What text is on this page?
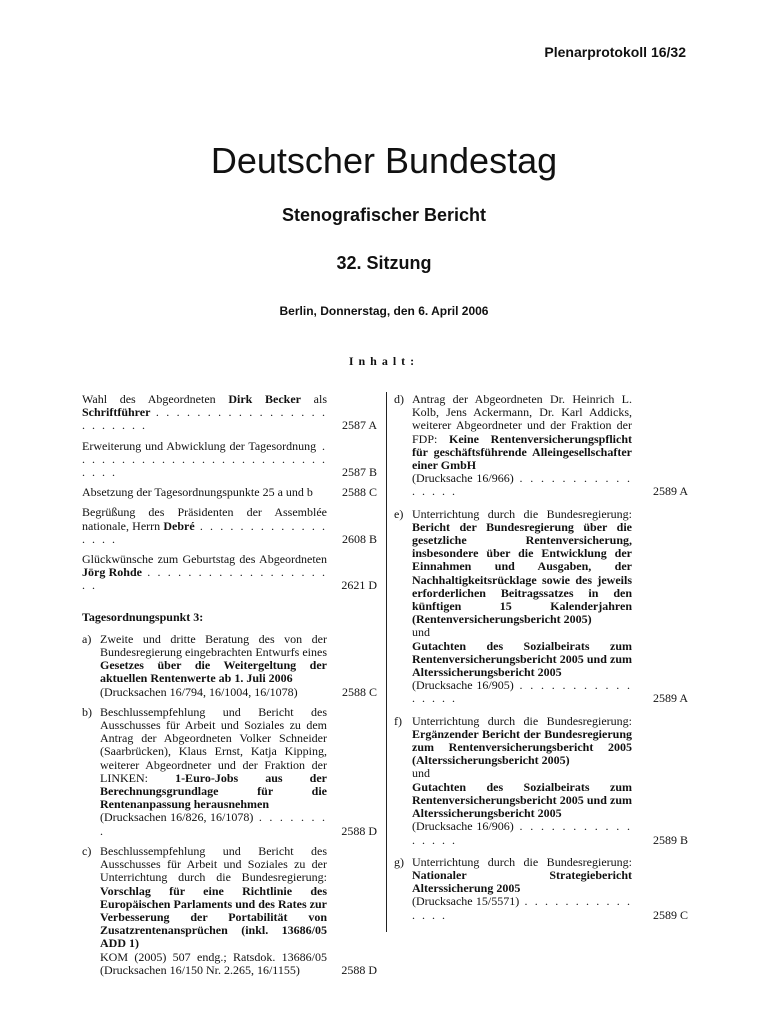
Plenarprotokoll 16/32
Deutscher Bundestag
Stenografischer Bericht
32. Sitzung
Berlin, Donnerstag, den 6. April 2006
Inhalt:
Wahl des Abgeordneten Dirk Becker als Schriftführer . . . . . . . . . . . . . . . . . . . . . . . .	2587 A
Erweiterung und Abwicklung der Tagesordnung . . . . . . . . . . . . . . . . . . . . . . . . . . . . . .	2587 B
Absetzung der Tagesordnungspunkte 25 a und b	2588 C
Begrüßung des Präsidenten der Assemblée nationale, Herrn Debré . . . . . . . . . . . . . . . . .	2608 B
Glückwünsche zum Geburtstag des Abgeordneten Jörg Rohde . . . . . . . . . . . . . . . . . . . .	2621 D
Tagesordnungspunkt 3:
a) Zweite und dritte Beratung des von der Bundesregierung eingebrachten Entwurfs eines Gesetzes über die Weitergeltung der aktuellen Rentenwerte ab 1. Juli 2006
(Drucksachen 16/794, 16/1004, 16/1078)	2588 C
b) Beschlussempfehlung und Bericht des Ausschusses für Arbeit und Soziales zu dem Antrag der Abgeordneten Volker Schneider (Saarbrücken), Klaus Ernst, Katja Kipping, weiterer Abgeordneter und der Fraktion der LINKEN: 1-Euro-Jobs aus der Berechnungsgrundlage für die Rentenanpassung herausnehmen
(Drucksachen 16/826, 16/1078) . . . . . . . .	2588 D
c) Beschlussempfehlung und Bericht des Ausschusses für Arbeit und Soziales zu der Unterrichtung durch die Bundesregierung: Vorschlag für eine Richtlinie des Europäischen Parlaments und des Rates zur Verbesserung der Portabilität von Zusatzrentenansprüchen (inkl. 13686/05 ADD 1)
KOM (2005) 507 endg.; Ratsdok. 13686/05 (Drucksachen 16/150 Nr. 2.265, 16/1155)	2588 D
d) Antrag der Abgeordneten Dr. Heinrich L. Kolb, Jens Ackermann, Dr. Karl Addicks, weiterer Abgeordneter und der Fraktion der FDP: Keine Rentenversicherungspflicht für geschäftsführende Alleingesellschafter einer GmbH
(Drucksache 16/966) . . . . . . . . . . . . . . . .	2589 A
e) Unterrichtung durch die Bundesregierung: Bericht der Bundesregierung über die gesetzliche Rentenversicherung, insbesondere über die Entwicklung der Einnahmen und Ausgaben, der Nachhaltigkeitsrücklage sowie des jeweils erforderlichen Beitragssatzes in den künftigen 15 Kalenderjahren (Rentenversicherungsbericht 2005)
und
Gutachten des Sozialbeirats zum Rentenversicherungsbericht 2005 und zum Alterssicherungsbericht 2005
(Drucksache 16/905) . . . . . . . . . . . . . . . .	2589 A
f) Unterrichtung durch die Bundesregierung: Ergänzender Bericht der Bundesregierung zum Rentenversicherungsbericht 2005 (Alterssicherungsbericht 2005)
und
Gutachten des Sozialbeirats zum Rentenversicherungsbericht 2005 und zum Alterssicherungsbericht 2005
(Drucksache 16/906) . . . . . . . . . . . . . . . .	2589 B
g) Unterrichtung durch die Bundesregierung: Nationaler Strategiebericht Alterssicherung 2005
(Drucksache 15/5571) . . . . . . . . . . . . . . .	2589 C
